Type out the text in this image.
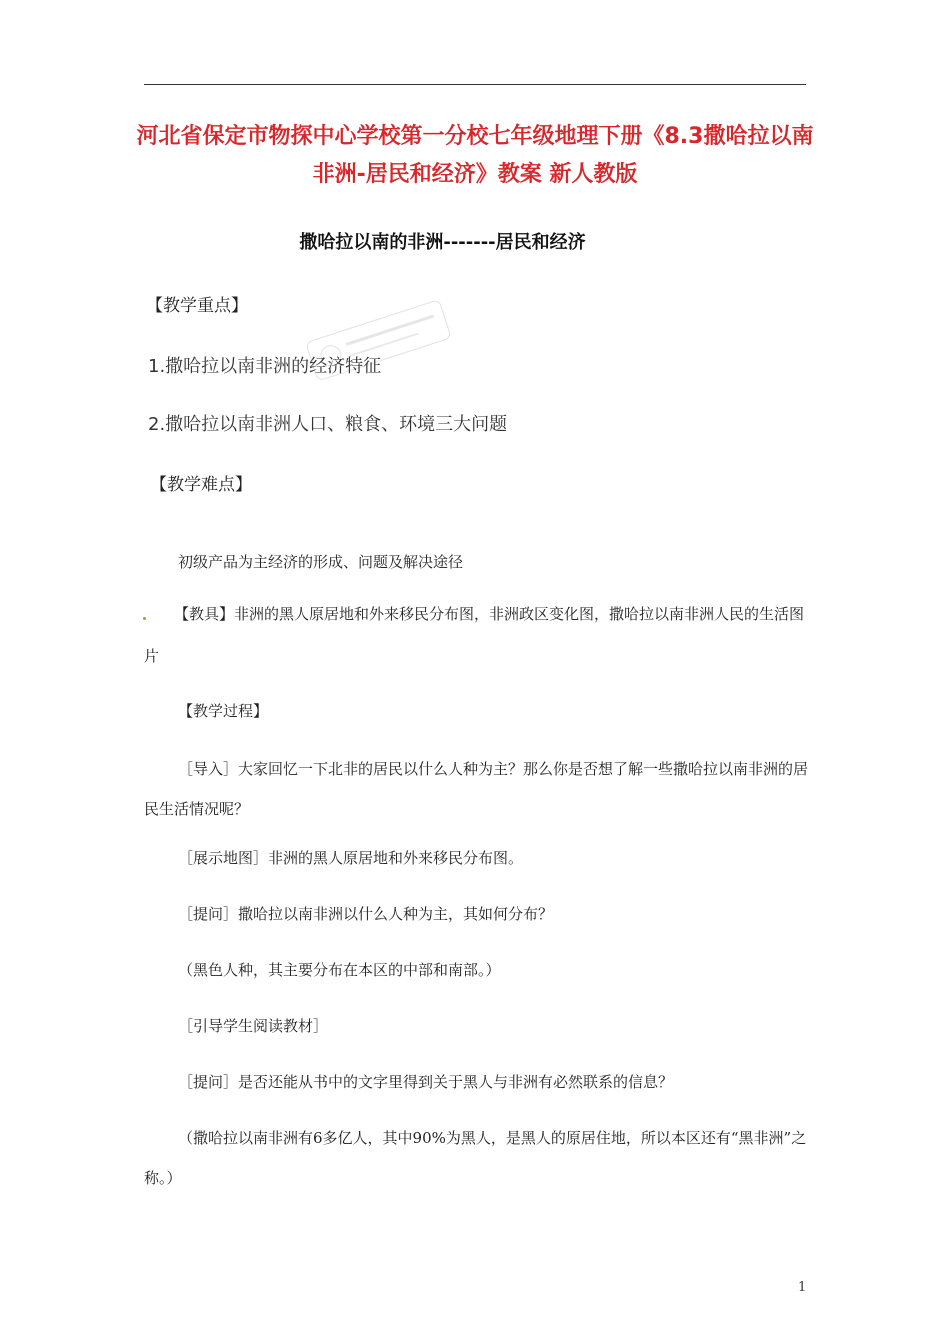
河北省保定市物探中心学校第一分校七年级地理下册《8.3撒哈拉以南非洲-居民和经济》教案 新人教版
撒哈拉以南的非洲-------居民和经济
【教学重点】
1.撒哈拉以南非洲的经济特征
2.撒哈拉以南非洲人口、粮食、环境三大问题
【教学难点】
初级产品为主经济的形成、问题及解决途径
【教具】非洲的黑人原居地和外来移民分布图，非洲政区变化图，撒哈拉以南非洲人民的生活图片
【教学过程】
［导入］大家回忆一下北非的居民以什么人种为主？那么你是否想了解一些撒哈拉以南非洲的居民生活情况呢？
［展示地图］非洲的黑人原居地和外来移民分布图。
［提问］撒哈拉以南非洲以什么人种为主，其如何分布？
（黑色人种，其主要分布在本区的中部和南部。）
［引导学生阅读教材］
［提问］是否还能从书中的文字里得到关于黑人与非洲有必然联系的信息？
（撒哈拉以南非洲有6多亿人，其中90%为黑人，是黑人的原居住地，所以本区还有“黑非洲”之称。）
1
